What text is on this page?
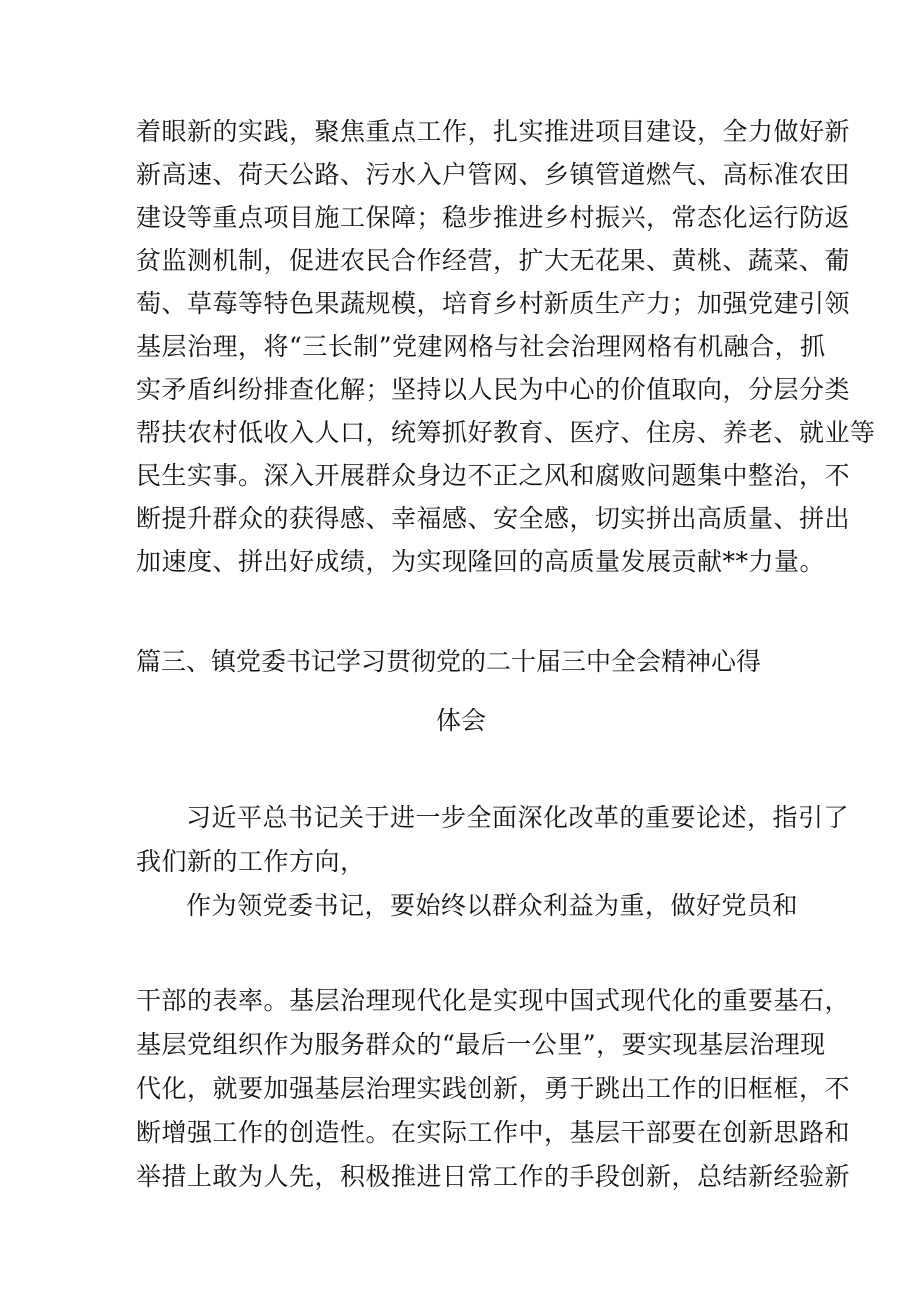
着眼新的实践，聚焦重点工作，扎实推进项目建设，全力做好新
新高速、荷天公路、污水入户管网、乡镇管道燃气、高标准农田
建设等重点项目施工保障；稳步推进乡村振兴，常态化运行防返
贫监测机制，促进农民合作经营，扩大无花果、黄桃、蔬菜、葡
萄、草莓等特色果蔬规模，培育乡村新质生产力；加强党建引领
基层治理，将“三长制”党建网格与社会治理网格有机融合，抓
实矛盾纠纷排查化解；坚持以人民为中心的价值取向，分层分类
帮扶农村低收入人口，统筹抓好教育、医疗、住房、养老、就业等
民生实事。深入开展群众身边不正之风和腐败问题集中整治，不
断提升群众的获得感、幸福感、安全感，切实拼出高质量、拼出
加速度、拼出好成绩，为实现隆回的高质量发展贡献**力量。
篇三、镇党委书记学习贯彻党的二十届三中全会精神心得
体会
习近平总书记关于进一步全面深化改革的重要论述，指引了
我们新的工作方向，
作为领党委书记，要始终以群众利益为重，做好党员和
干部的表率。基层治理现代化是实现中国式现代化的重要基石，
基层党组织作为服务群众的“最后一公里”，要实现基层治理现
代化，就要加强基层治理实践创新，勇于跳出工作的旧框框，不
断增强工作的创造性。在实际工作中，基层干部要在创新思路和
举措上敢为人先，积极推进日常工作的手段创新，总结新经验新
